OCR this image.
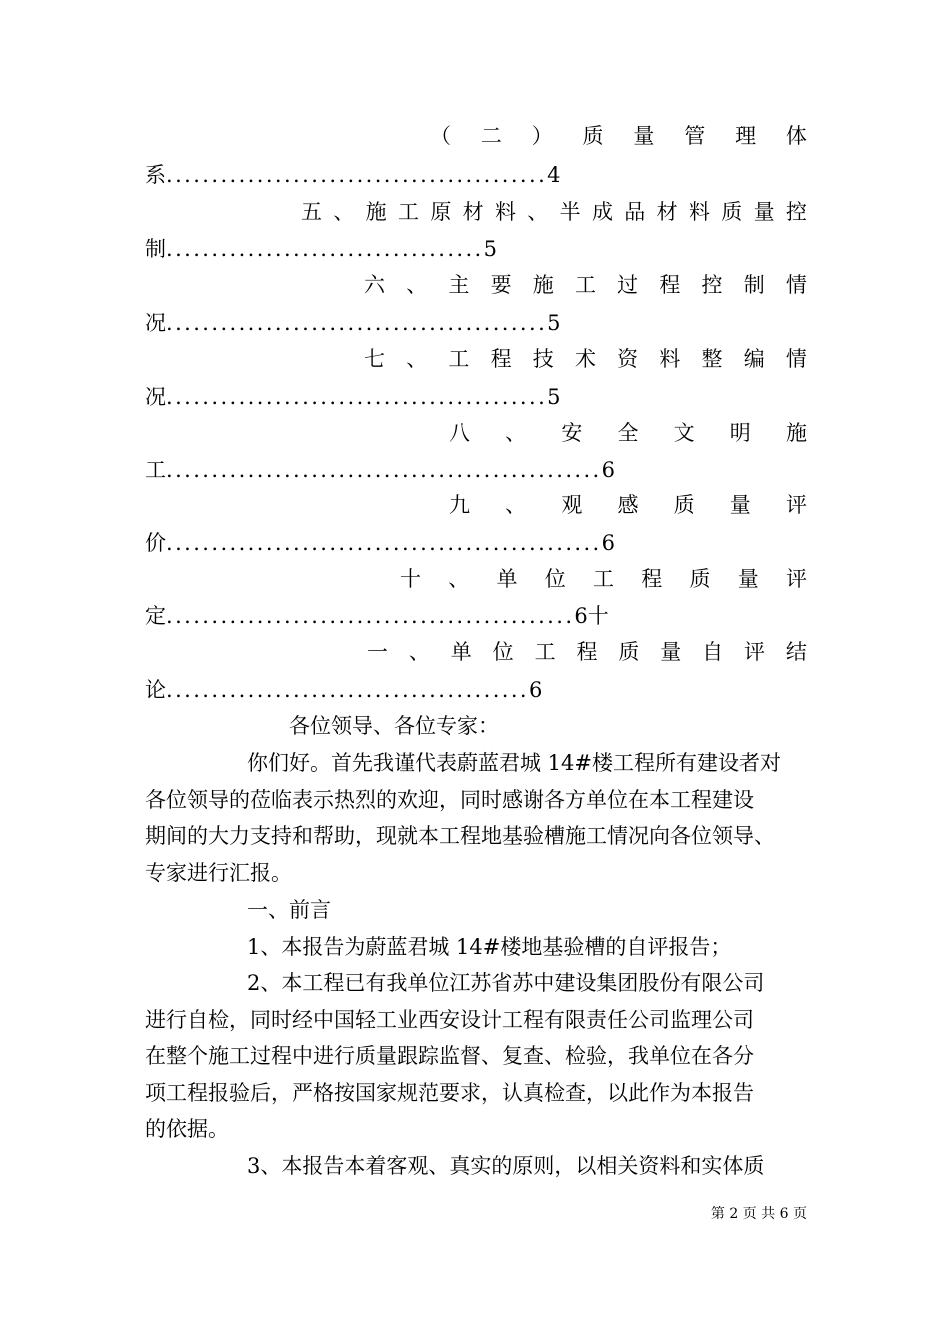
（ 二 ） 质 量 管 理 体
系..........................................4
五 、 施 工 原 材 料 、 半 成 品 材 料 质 量 控
制...................................5
六 、 主 要 施 工 过 程 控 制 情
况..........................................5
七 、 工 程 技 术 资 料 整 编 情
况..........................................5
八 、 安 全 文 明 施
工................................................6
九 、 观 感 质 量 评
价................................................6
十 、 单 位 工 程 质 量 评
定.............................................6十
一 、 单 位 工 程 质 量 自 评 结
论........................................6
各位领导、各位专家：
你们好。首先我谨代表蔚蓝君城 14#楼工程所有建设者对
各位领导的莅临表示热烈的欢迎，同时感谢各方单位在本工程建设
期间的大力支持和帮助，现就本工程地基验槽施工情况向各位领导、
专家进行汇报。
一、前言
1、本报告为蔚蓝君城 14#楼地基验槽的自评报告；
2、本工程已有我单位江苏省苏中建设集团股份有限公司
进行自检，同时经中国轻工业西安设计工程有限责任公司监理公司
在整个施工过程中进行质量跟踪监督、复查、检验，我单位在各分
项工程报验后，严格按国家规范要求，认真检查，以此作为本报告
的依据。
3、本报告本着客观、真实的原则，以相关资料和实体质
第 2 页 共 6 页
